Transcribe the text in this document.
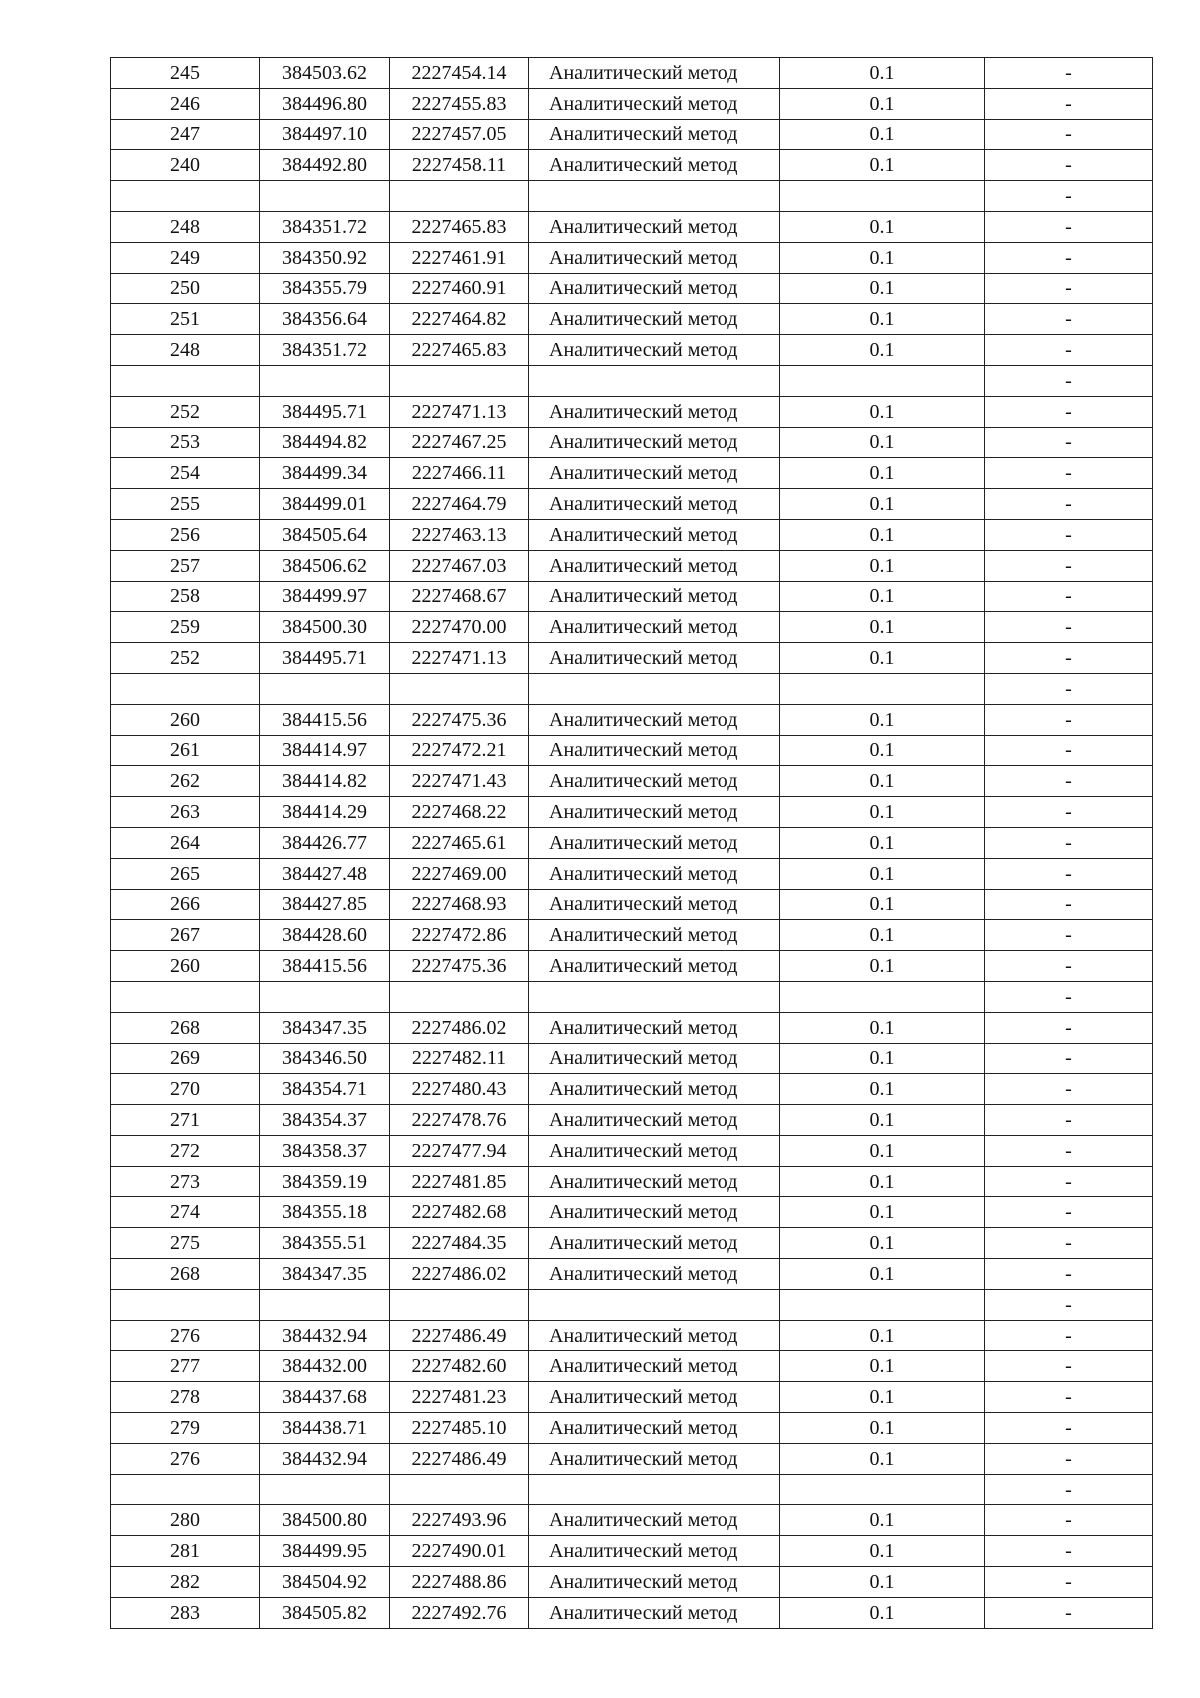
245	384503.62	2227454.14	Аналитический метод	0.1	-
246	384496.80	2227455.83	Аналитический метод	0.1	-
247	384497.10	2227457.05	Аналитический метод	0.1	-
240	384492.80	2227458.11	Аналитический метод	0.1	-
					-
248	384351.72	2227465.83	Аналитический метод	0.1	-
249	384350.92	2227461.91	Аналитический метод	0.1	-
250	384355.79	2227460.91	Аналитический метод	0.1	-
251	384356.64	2227464.82	Аналитический метод	0.1	-
248	384351.72	2227465.83	Аналитический метод	0.1	-
					-
252	384495.71	2227471.13	Аналитический метод	0.1	-
253	384494.82	2227467.25	Аналитический метод	0.1	-
254	384499.34	2227466.11	Аналитический метод	0.1	-
255	384499.01	2227464.79	Аналитический метод	0.1	-
256	384505.64	2227463.13	Аналитический метод	0.1	-
257	384506.62	2227467.03	Аналитический метод	0.1	-
258	384499.97	2227468.67	Аналитический метод	0.1	-
259	384500.30	2227470.00	Аналитический метод	0.1	-
252	384495.71	2227471.13	Аналитический метод	0.1	-
					-
260	384415.56	2227475.36	Аналитический метод	0.1	-
261	384414.97	2227472.21	Аналитический метод	0.1	-
262	384414.82	2227471.43	Аналитический метод	0.1	-
263	384414.29	2227468.22	Аналитический метод	0.1	-
264	384426.77	2227465.61	Аналитический метод	0.1	-
265	384427.48	2227469.00	Аналитический метод	0.1	-
266	384427.85	2227468.93	Аналитический метод	0.1	-
267	384428.60	2227472.86	Аналитический метод	0.1	-
260	384415.56	2227475.36	Аналитический метод	0.1	-
					-
268	384347.35	2227486.02	Аналитический метод	0.1	-
269	384346.50	2227482.11	Аналитический метод	0.1	-
270	384354.71	2227480.43	Аналитический метод	0.1	-
271	384354.37	2227478.76	Аналитический метод	0.1	-
272	384358.37	2227477.94	Аналитический метод	0.1	-
273	384359.19	2227481.85	Аналитический метод	0.1	-
274	384355.18	2227482.68	Аналитический метод	0.1	-
275	384355.51	2227484.35	Аналитический метод	0.1	-
268	384347.35	2227486.02	Аналитический метод	0.1	-
					-
276	384432.94	2227486.49	Аналитический метод	0.1	-
277	384432.00	2227482.60	Аналитический метод	0.1	-
278	384437.68	2227481.23	Аналитический метод	0.1	-
279	384438.71	2227485.10	Аналитический метод	0.1	-
276	384432.94	2227486.49	Аналитический метод	0.1	-
					-
280	384500.80	2227493.96	Аналитический метод	0.1	-
281	384499.95	2227490.01	Аналитический метод	0.1	-
282	384504.92	2227488.86	Аналитический метод	0.1	-
283	384505.82	2227492.76	Аналитический метод	0.1	-
